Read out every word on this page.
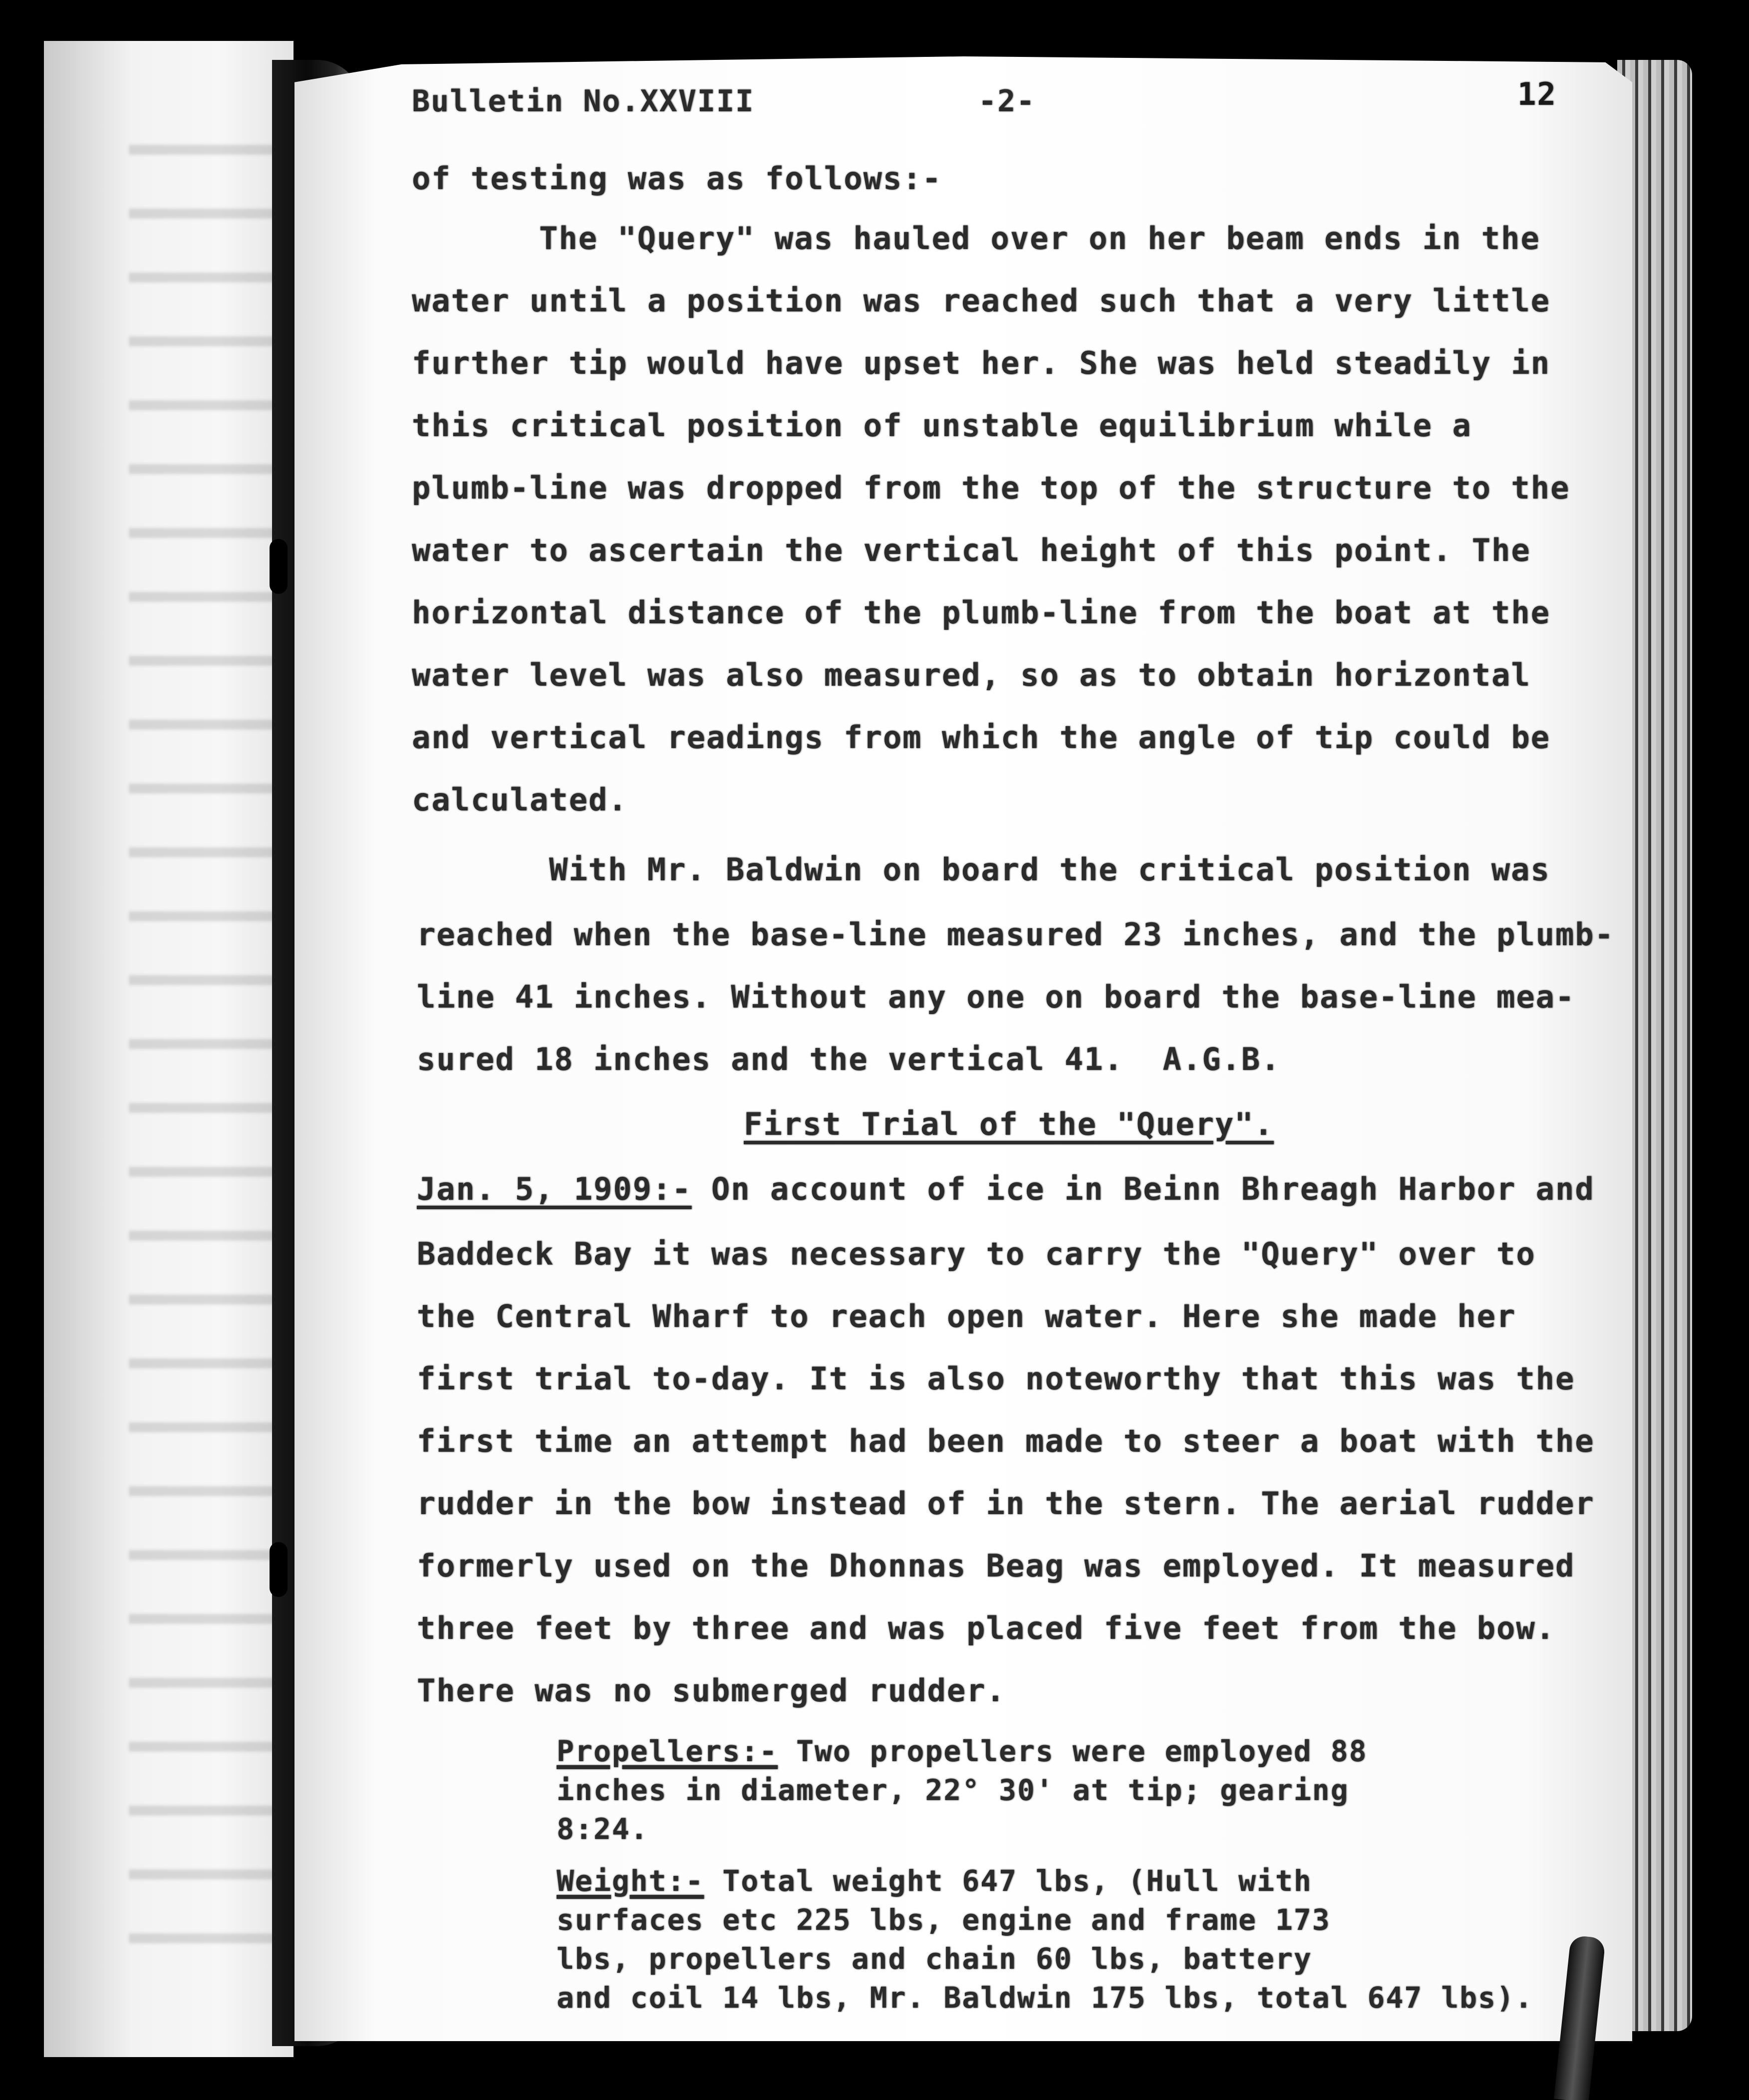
Bulletin No.XXVIII	-2-	12

of testing was as follows:-

The "Query" was hauled over on her beam ends in the

water until a position was reached such that a very little

further tip would have upset her. She was held steadily in

this critical position of unstable equilibrium while a

plumb-line was dropped from the top of the structure to the

water to ascertain the vertical height of this point. The

horizontal distance of the plumb-line from the boat at the

water level was also measured, so as to obtain horizontal

and vertical readings from which the angle of tip could be

calculated.

With Mr. Baldwin on board the critical position was

reached when the base-line measured 23 inches, and the plumb-

line 41 inches. Without any one on board the base-line mea-

sured 18 inches and the vertical 41.  A.G.B.

First Trial of the "Query".

Jan. 5, 1909:- On account of ice in Beinn Bhreagh Harbor and

Baddeck Bay it was necessary to carry the "Query" over to

the Central Wharf to reach open water. Here she made her

first trial to-day. It is also noteworthy that this was the

first time an attempt had been made to steer a boat with the

rudder in the bow instead of in the stern. The aerial rudder

formerly used on the Dhonnas Beag was employed. It measured

three feet by three and was placed five feet from the bow.

There was no submerged rudder.

Propellers:- Two propellers were employed 88

inches in diameter, 22° 30' at tip; gearing

8:24.

Weight:- Total weight 647 lbs, (Hull with

surfaces etc 225 lbs, engine and frame 173

lbs, propellers and chain 60 lbs, battery

and coil 14 lbs, Mr. Baldwin 175 lbs, total 647 lbs).
